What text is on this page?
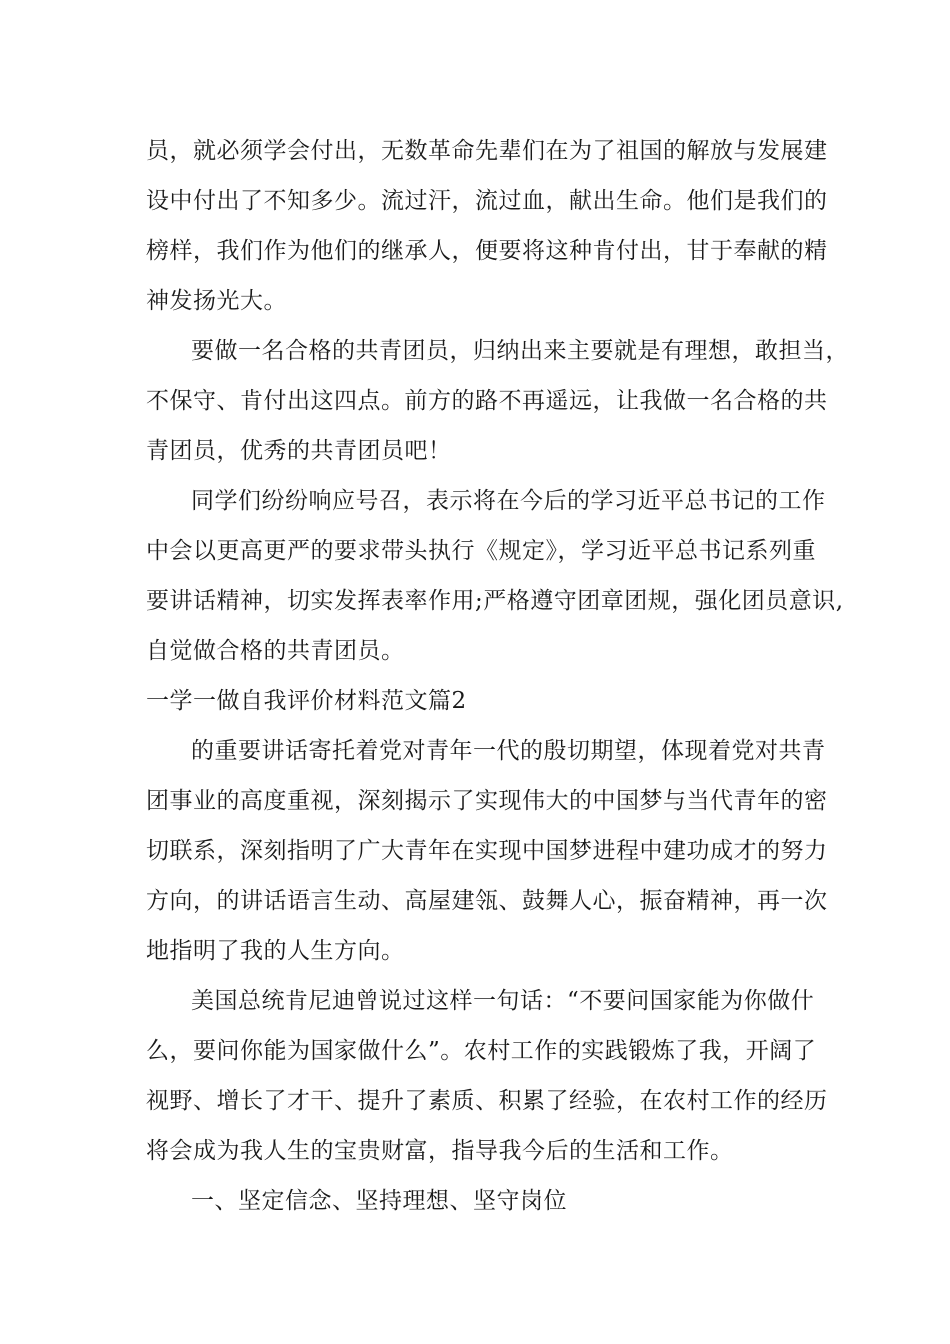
员，就必须学会付出，无数革命先辈们在为了祖国的解放与发展建
设中付出了不知多少。流过汗，流过血，献出生命。他们是我们的
榜样，我们作为他们的继承人，便要将这种肯付出，甘于奉献的精
神发扬光大。
要做一名合格的共青团员，归纳出来主要就是有理想，敢担当，
不保守、肯付出这四点。前方的路不再遥远，让我做一名合格的共
青团员，优秀的共青团员吧！
同学们纷纷响应号召，表示将在今后的学习近平总书记的工作
中会以更高更严的要求带头执行《规定》，学习近平总书记系列重
要讲话精神，切实发挥表率作用;严格遵守团章团规，强化团员意识,
自觉做合格的共青团员。
一学一做自我评价材料范文篇2
的重要讲话寄托着党对青年一代的殷切期望，体现着党对共青
团事业的高度重视，深刻揭示了实现伟大的中国梦与当代青年的密
切联系，深刻指明了广大青年在实现中国梦进程中建功成才的努力
方向，的讲话语言生动、高屋建瓴、鼓舞人心，振奋精神，再一次
地指明了我的人生方向。
美国总统肯尼迪曾说过这样一句话：“不要问国家能为你做什
么，要问你能为国家做什么”。农村工作的实践锻炼了我，开阔了
视野、增长了才干、提升了素质、积累了经验，在农村工作的经历
将会成为我人生的宝贵财富，指导我今后的生活和工作。
一、坚定信念、坚持理想、坚守岗位
